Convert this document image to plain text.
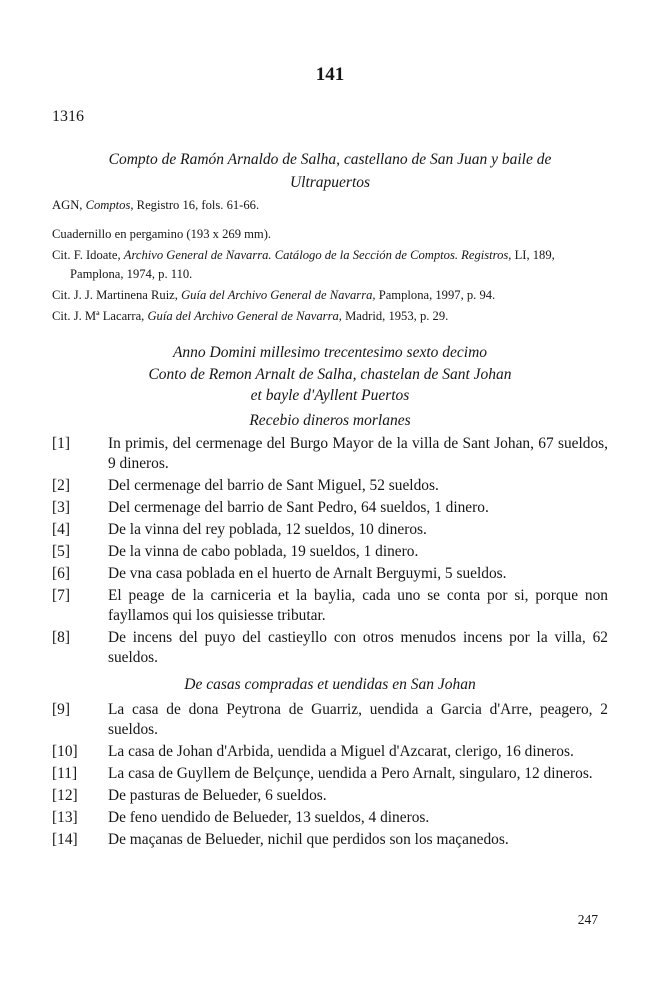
141
1316
Compto de Ramón Arnaldo de Salha, castellano de San Juan y baile de
Ultrapuertos

AGN, Comptos, Registro 16, fols. 61-66.

Cuadernillo en pergamino (193 x 269 mm).

Cit. F. Idoate, Archivo General de Navarra. Catálogo de la Sección de Comptos. Registros, LI, 189, Pamplona, 1974, p. 110.

Cit. J. J. Martinena Ruiz, Guía del Archivo General de Navarra, Pamplona, 1997, p. 94.

Cit. J. Mª Lacarra, Guía del Archivo General de Navarra, Madrid, 1953, p. 29.

Anno Domini millesimo trecentesimo sexto decimo
Conto de Remon Arnalt de Salha, chastelan de Sant Johan
et bayle d'Ayllent Puertos
Recebio dineros morlanes
[1]	In primis, del cermenage del Burgo Mayor de la villa de Sant Johan, 67 sueldos, 9 dineros.
[2]	Del cermenage del barrio de Sant Miguel, 52 sueldos.
[3]	Del cermenage del barrio de Sant Pedro, 64 sueldos, 1 dinero.
[4]	De la vinna del rey poblada, 12 sueldos, 10 dineros.
[5]	De la vinna de cabo poblada, 19 sueldos, 1 dinero.
[6]	De vna casa poblada en el huerto de Arnalt Berguymi, 5 sueldos.
[7]	El peage de la carniceria et la baylia, cada uno se conta por si, porque non fayllamos qui los quisiesse tributar.
[8]	De incens del puyo del castieyllo con otros menudos incens por la villa, 62 sueldos.
De casas compradas et uendidas en San Johan
[9]	La casa de dona Peytrona de Guarriz, uendida a Garcia d'Arre, peagero, 2 sueldos.
[10]	La casa de Johan d'Arbida, uendida a Miguel d'Azcarat, clerigo, 16 dineros.
[11]	La casa de Guyllem de Belçunçe, uendida a Pero Arnalt, singularo, 12 dineros.
[12]	De pasturas de Belueder, 6 sueldos.
[13]	De feno uendido de Belueder, 13 sueldos, 4 dineros.
[14]	De maçanas de Belueder, nichil que perdidos son los maçanedos.
247
